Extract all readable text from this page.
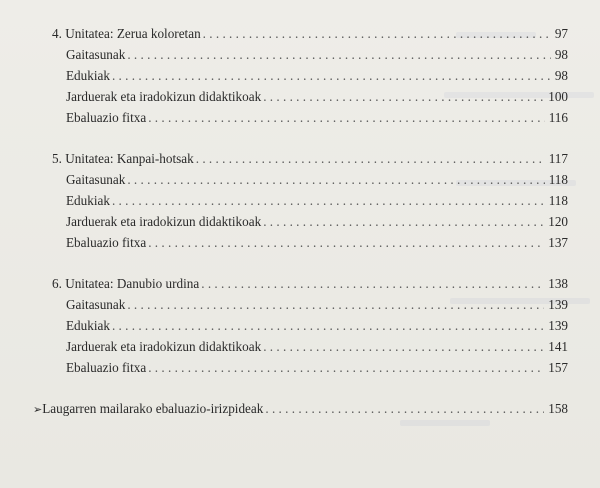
4. Unitatea: Zerua koloretan . . .	97
Gaitasunak . . .	98
Edukiak . . .	98
Jarduerak eta iradokizun didaktikoak . . .	100
Ebaluazio fitxa . . .	116
5. Unitatea: Kanpai-hotsak . . .	117
Gaitasunak . . .	118
Edukiak . . .	118
Jarduerak eta iradokizun didaktikoak . . .	120
Ebaluazio fitxa . . .	137
6. Unitatea: Danubio urdina . . .	138
Gaitasunak . . .	139
Edukiak . . .	139
Jarduerak eta iradokizun didaktikoak . . .	141
Ebaluazio fitxa . . .	157
➢ Laugarren mailarako ebaluazio-irizpideak . . .	158
